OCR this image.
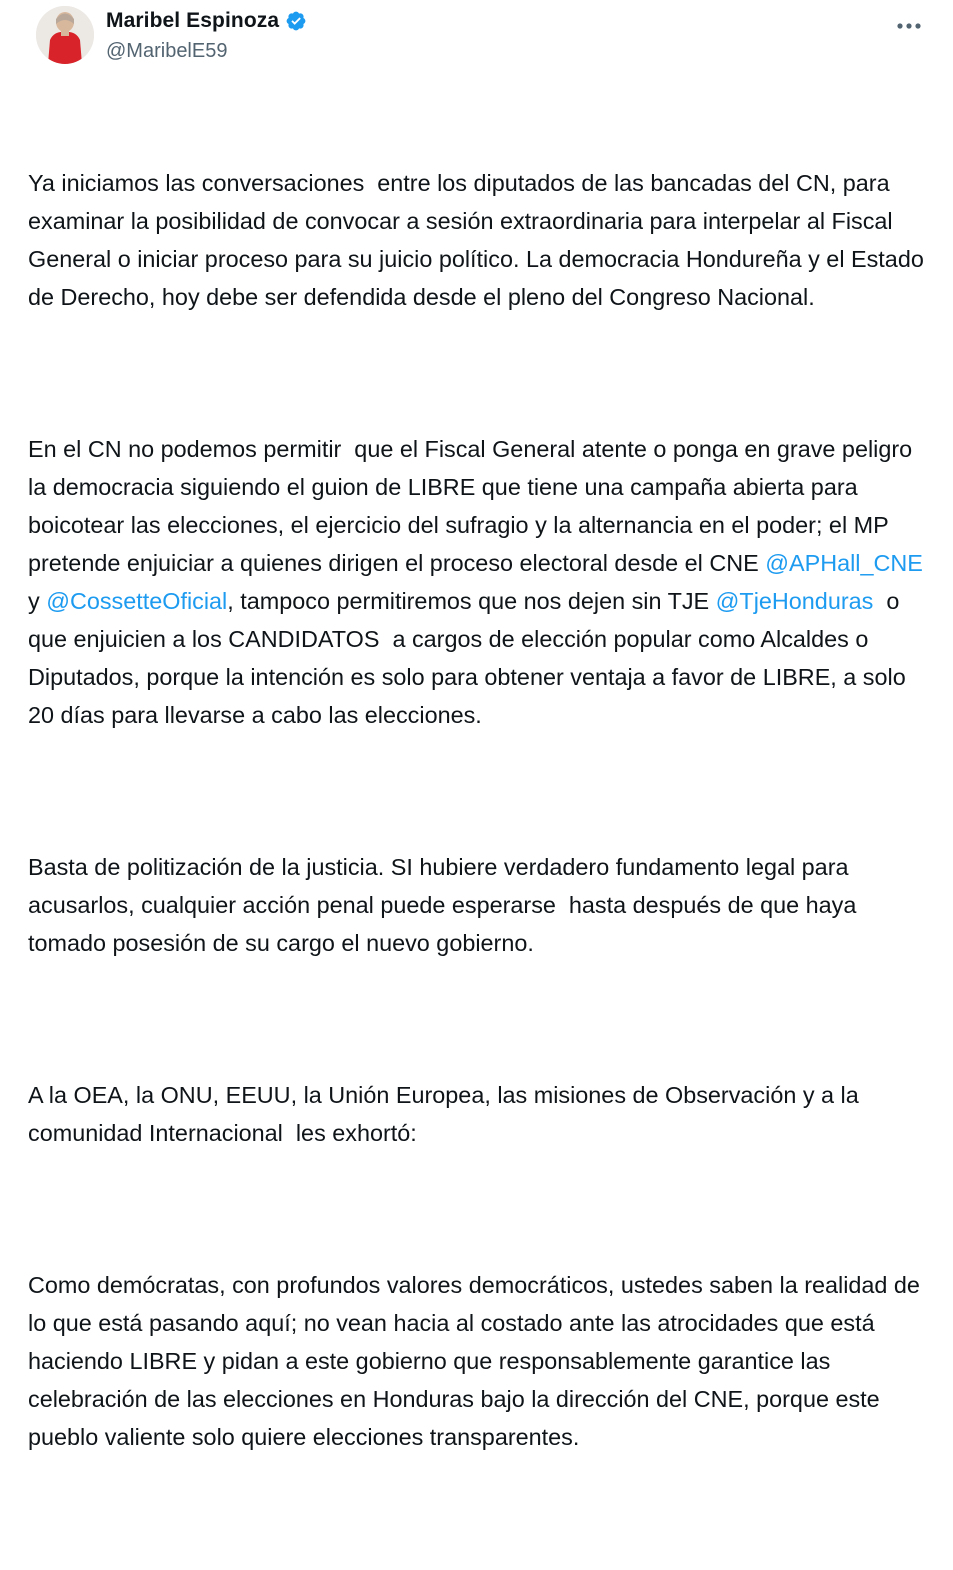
Maribel Espinoza
@MaribelE59

Ya iniciamos las conversaciones  entre los diputados de las bancadas del CN, para examinar la posibilidad de convocar a sesión extraordinaria para interpelar al Fiscal General o iniciar proceso para su juicio político. La democracia Hondureña y el Estado de Derecho, hoy debe ser defendida desde el pleno del Congreso Nacional.

En el CN no podemos permitir  que el Fiscal General atente o ponga en grave peligro la democracia siguiendo el guion de LIBRE que tiene una campaña abierta para boicotear las elecciones, el ejercicio del sufragio y la alternancia en el poder; el MP pretende enjuiciar a quienes dirigen el proceso electoral desde el CNE @APHall_CNE  y @CossetteOficial, tampoco permitiremos que nos dejen sin TJE @TjeHonduras  o que enjuicien a los CANDIDATOS  a cargos de elección popular como Alcaldes o Diputados, porque la intención es solo para obtener ventaja a favor de LIBRE, a solo 20 días para llevarse a cabo las elecciones.

Basta de politización de la justicia. SI hubiere verdadero fundamento legal para acusarlos, cualquier acción penal puede esperarse  hasta después de que haya tomado posesión de su cargo el nuevo gobierno.

A la OEA, la ONU, EEUU, la Unión Europea, las misiones de Observación y a la comunidad Internacional  les exhortó:

Como demócratas, con profundos valores democráticos, ustedes saben la realidad de lo que está pasando aquí; no vean hacia al costado ante las atrocidades que está haciendo LIBRE y pidan a este gobierno que responsablemente garantice las celebración de las elecciones en Honduras bajo la dirección del CNE, porque este pueblo valiente solo quiere elecciones transparentes.
